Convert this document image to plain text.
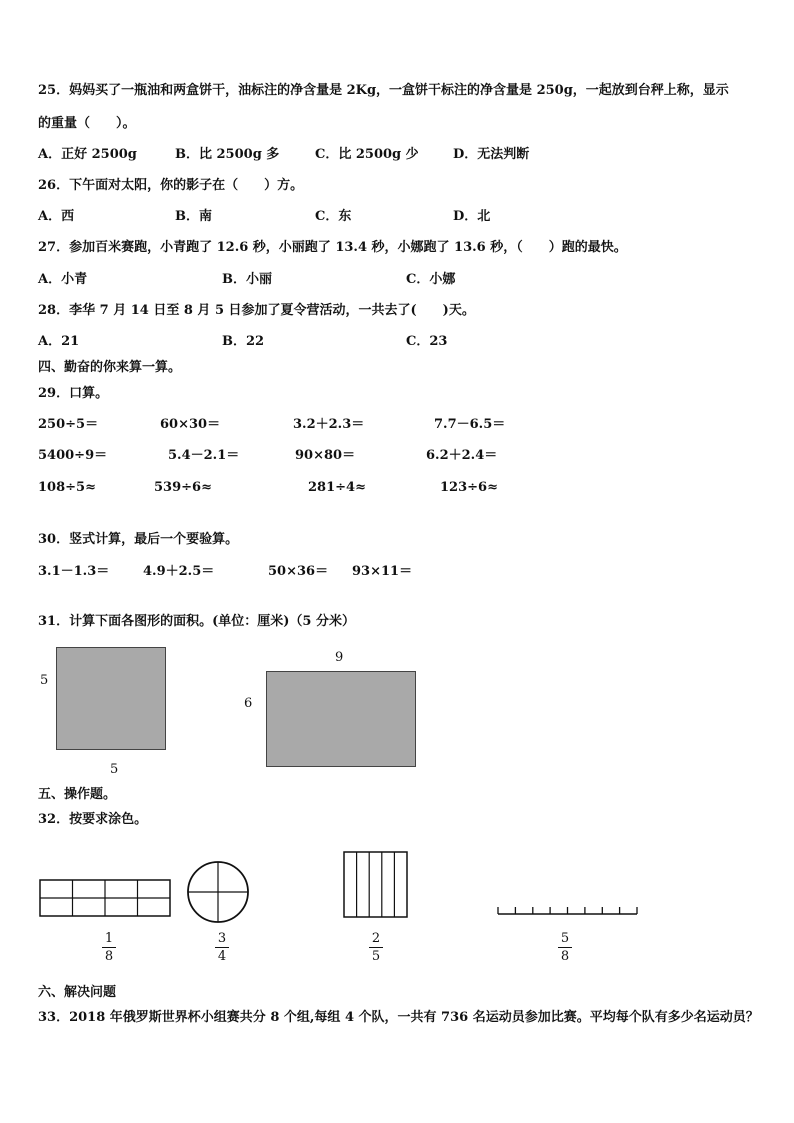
25．妈妈买了一瓶油和两盒饼干，油标注的净含量是 2Kg，一盒饼干标注的净含量是 250g，一起放到台秤上称，显示
的重量（　　）。
A．正好 2500g	B．比 2500g 多	C．比 2500g 少	D．无法判断
26．下午面对太阳，你的影子在（　　）方。
A．西	B．南	C．东	D．北
27．参加百米赛跑，小青跑了 12.6 秒，小丽跑了 13.4 秒，小娜跑了 13.6 秒，（　　）跑的最快。
A．小青	B．小丽	C．小娜
28．李华 7 月 14 日至 8 月 5 日参加了夏令营活动，一共去了(　　)天。
A．21	B．22	C．23
四、勤奋的你来算一算。
29．口算。
250÷5＝	60×30＝	3.2＋2.3＝	7.7－6.5＝
5400÷9＝	5.4－2.1＝	90×80＝	6.2＋2.4＝
108÷5≈	539÷6≈	281÷4≈	123÷6≈
30．竖式计算，最后一个要验算。
3.1－1.3＝	4.9＋2.5＝	50×36＝ 93×11＝
31．计算下面各图形的面积。(单位：厘米)（5 分米）
5
5
9
6
五、操作题。
32．按要求涂色。
1
8
3
4
2
5
5
8
六、解决问题
33．2018 年俄罗斯世界杯小组赛共分 8 个组,每组 4 个队，一共有 736 名运动员参加比赛。平均每个队有多少名运动员？
